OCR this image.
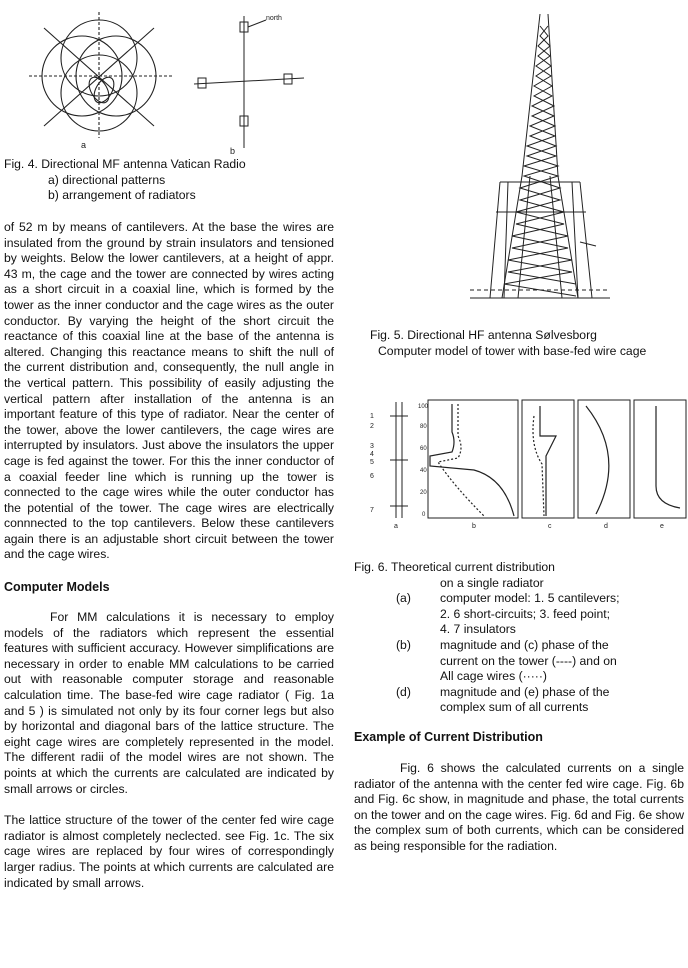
a
north
b

Fig. 4. Directional MF antenna Vatican Radio

a) directional patterns

b) arrangement of radiators

of 52 m by means of cantilevers. At the base the wires are insulated from the ground by strain insulators and tensioned by weights. Below the lower cantilevers, at a height of appr. 43 m, the cage and the tower are connected by wires acting as a short circuit in a coaxial line, which is formed by the tower as the inner conductor and the cage wires as the outer conductor. By varying the height of the short circuit the reactance of this coaxial line at the base of the antenna is altered. Changing this reactance means to shift the null of the current distribution and, consequently, the null angle in the vertical pattern. This possibility of easily adjusting the vertical pattern after installation of the antenna is an important feature of this type of radiator. Near the center of the tower, above the lower cantilevers, the cage wires are interrupted by insulators. Just above the insulators the upper cage is fed against the tower. For this the inner conductor of a coaxial feeder line which is running up the tower is connected to the cage wires while the outer conductor has the potential of the tower. The cage wires are electrically connnected to the top cantilevers. Below these cantilevers again there is an adjustable short circuit between the tower and the cage wires.

Computer Models

For MM calculations it is necessary to employ models of the radiators which represent the essential features with sufficient accuracy. However simplifications are necessary in order to enable MM calculations to be carried out with reasonable computer storage and reasonable calculation time. The base-fed wire cage radiator ( Fig. 1a and 5 ) is simulated not only by its four corner legs but also by horizontal and diagonal bars of the lattice structure. The eight cage wires are completely represented in the model. The different radii of the model wires are not shown. The points at which the currents are calculated are indicated by small arrows or circles.

The lattice structure of the tower of the center fed wire cage radiator is almost completely neclected. see Fig. 1c. The six cage wires are replaced by four wires of correspondingly larger radius. The points at which currents are calculated are indicated by small arrows.

Fig. 5. Directional HF antenna Sølvesborg

Computer model of tower with base-fed wire cage

1
2
3
4
5
6
7
100
80
60
40
20
0
a	b	c	d	e

Fig. 6. Theoretical current distribution

on a single radiator

(a)	computer model: 1. 5 cantilevers;
2. 6 short-circuits; 3. feed point;
4. 7 insulators
(b)	magnitude and (c) phase of the
current on the tower (----) and on
All cage wires (·····)
(d)	magnitude and (e) phase of the
complex sum of all currents
Example of Current Distribution

Fig. 6 shows the calculated currents on a single radiator of the antenna with the center fed wire cage. Fig. 6b and Fig. 6c show, in magnitude and phase, the total currents on the tower and on the cage wires. Fig. 6d and Fig. 6e show the complex sum of both currents, which can be considered as being responsible for the radiation.
